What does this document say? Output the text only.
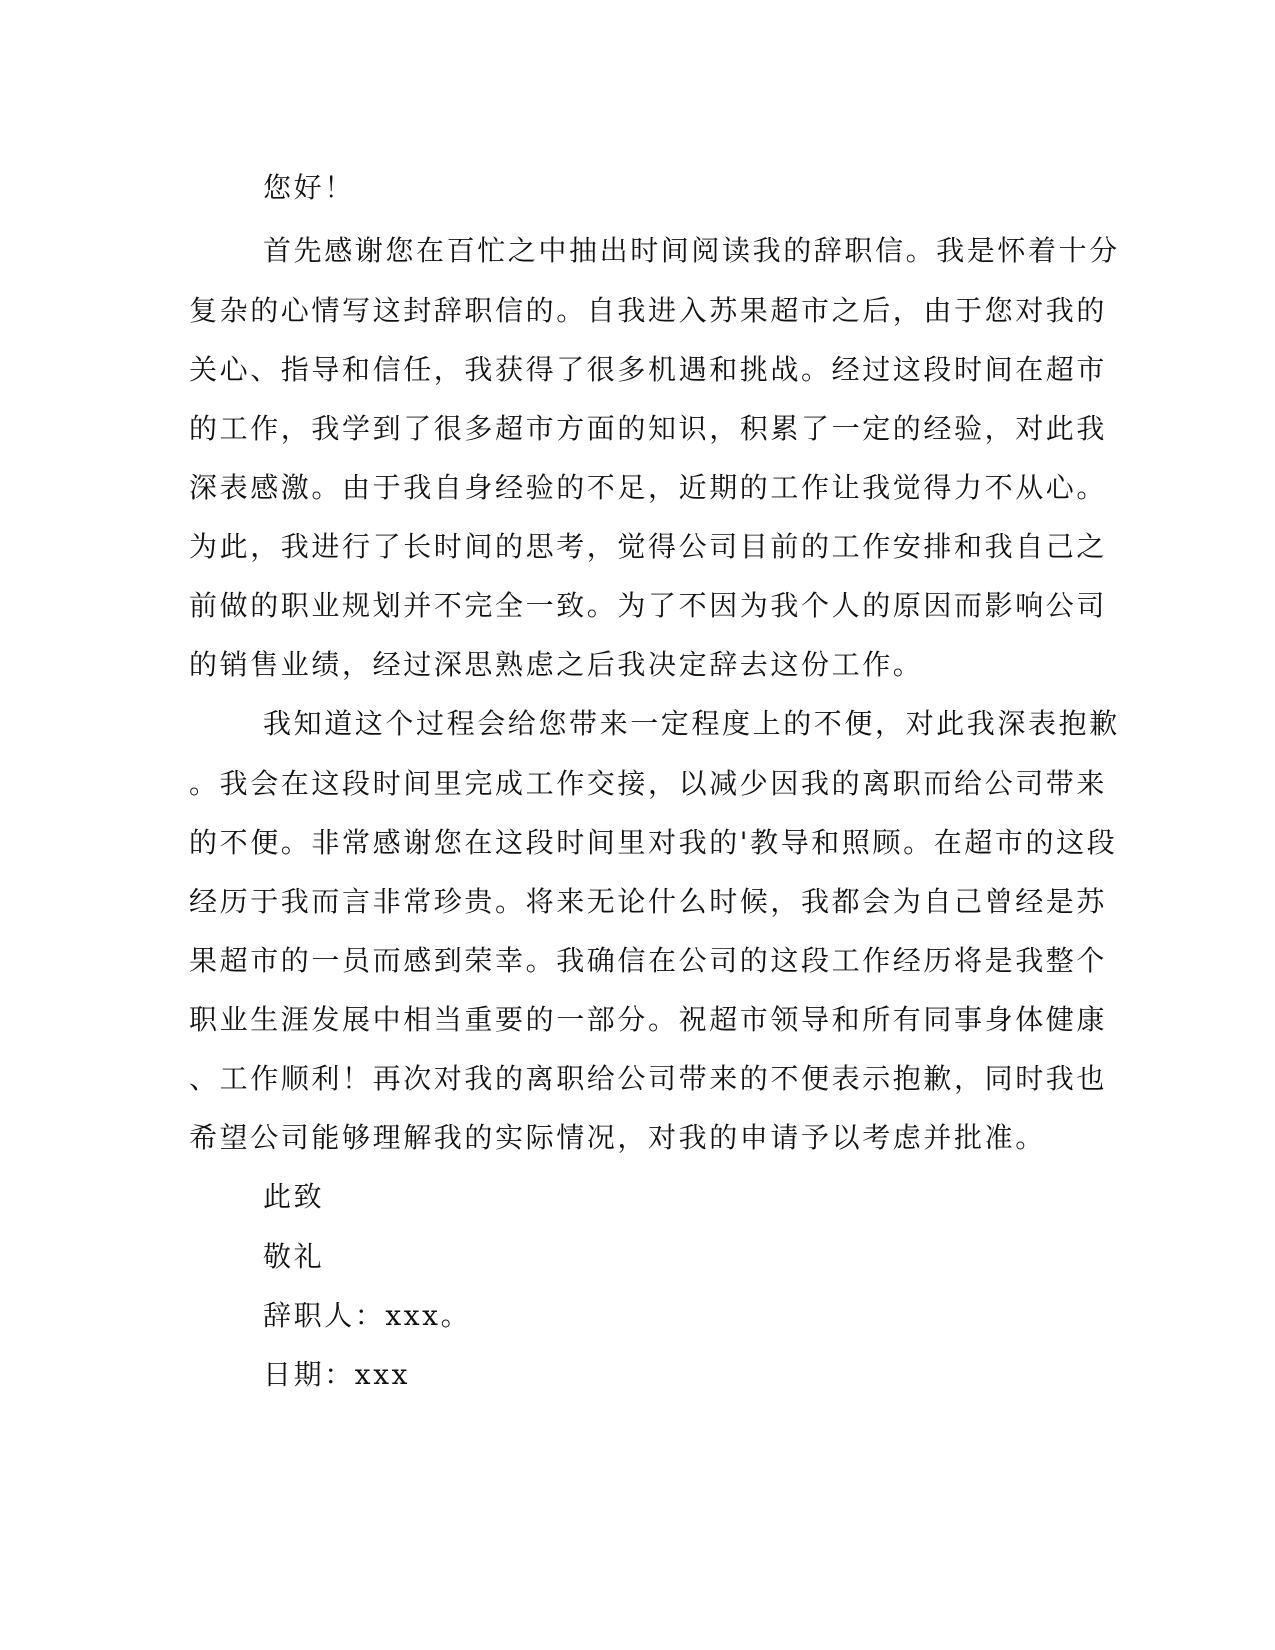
您好！
首先感谢您在百忙之中抽出时间阅读我的辞职信。我是怀着十分
复杂的心情写这封辞职信的。自我进入苏果超市之后，由于您对我的
关心、指导和信任，我获得了很多机遇和挑战。经过这段时间在超市
的工作，我学到了很多超市方面的知识，积累了一定的经验，对此我
深表感激。由于我自身经验的不足，近期的工作让我觉得力不从心。
为此，我进行了长时间的思考，觉得公司目前的工作安排和我自己之
前做的职业规划并不完全一致。为了不因为我个人的原因而影响公司
的销售业绩，经过深思熟虑之后我决定辞去这份工作。
我知道这个过程会给您带来一定程度上的不便，对此我深表抱歉
。我会在这段时间里完成工作交接，以减少因我的离职而给公司带来
的不便。非常感谢您在这段时间里对我的'教导和照顾。在超市的这段
经历于我而言非常珍贵。将来无论什么时候，我都会为自己曾经是苏
果超市的一员而感到荣幸。我确信在公司的这段工作经历将是我整个
职业生涯发展中相当重要的一部分。祝超市领导和所有同事身体健康
、工作顺利！再次对我的离职给公司带来的不便表示抱歉，同时我也
希望公司能够理解我的实际情况，对我的申请予以考虑并批准。
此致
敬礼
辞职人：xxx。
日期：xxx
